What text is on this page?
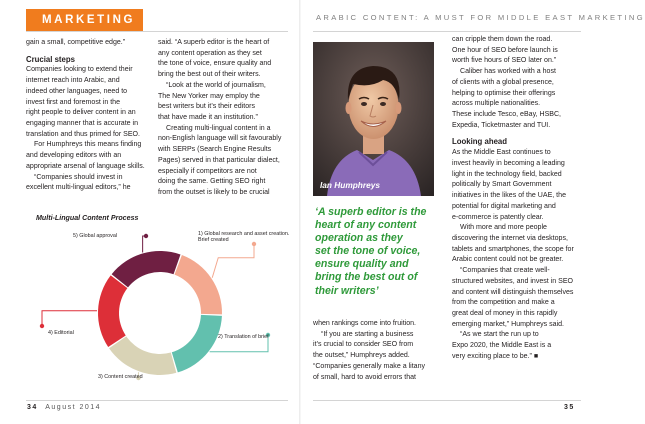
MARKETING	ARABIC CONTENT: A MUST FOR MIDDLE EAST MARKETING

gain a small, competitive edge.”

Crucial steps

Companies looking to extend their

internet reach into Arabic, and

indeed other languages, need to

invest first and foremost in the

right people to deliver content in an

engaging manner that is accurate in

translation and thus primed for SEO.

For Humphreys this means finding

and developing editors with an

appropriate arsenal of language skills.

“Companies should invest in

excellent multi-lingual editors,” he

said. “A superb editor is the heart of

any content operation as they set

the tone of voice, ensure quality and

bring the best out of their writers.

“Look at the world of journalism,

The New Yorker may employ the

best writers but it’s their editors

that have made it an institution.”

Creating multi-lingual content in a

non-English language will sit favourably

with SERPs (Search Engine Results

Pages) served in that particular dialect,

especially if competitors are not

doing the same. Getting SEO right

from the outset is likely to be crucial

Multi-Lingual Content Process
1) Global research and asset creation. Brief created
2) Translation of brief
3) Content created
4) Editorial
5) Global approval
Ian Humphreys

‘A superb editor is the

heart of any content

operation as they

set the tone of voice,

ensure quality and

bring the best out of

their writers’

when rankings come into fruition.

“If you are starting a business

it’s crucial to consider SEO from

the outset,” Humphreys added.

“Companies generally make a litany

of small, hard to avoid errors that

can cripple them down the road.

One hour of SEO before launch is

worth five hours of SEO later on.”

Caliber has worked with a host

of clients with a global presence,

helping to optimise their offerings

across multiple nationalities.

These include Tesco, eBay, HSBC,

Expedia, Ticketmaster and TUI.

Looking ahead

As the Middle East continues to

invest heavily in becoming a leading

light in the technology field, backed

politically by Smart Government

initiatives in the likes of the UAE, the

potential for digital marketing and

e-commerce is patently clear.

With more and more people

discovering the internet via desktops,

tablets and smartphones, the scope for

Arabic content could not be greater.

“Companies that create well-

structured websites, and invest in SEO

and content will distinguish themselves

from the competition and make a

great deal of money in this rapidly

emerging market,” Humphreys said.

“As we start the run up to

Expo 2020, the Middle East is a

very exciting place to be.” ■

34 August 2014	35
